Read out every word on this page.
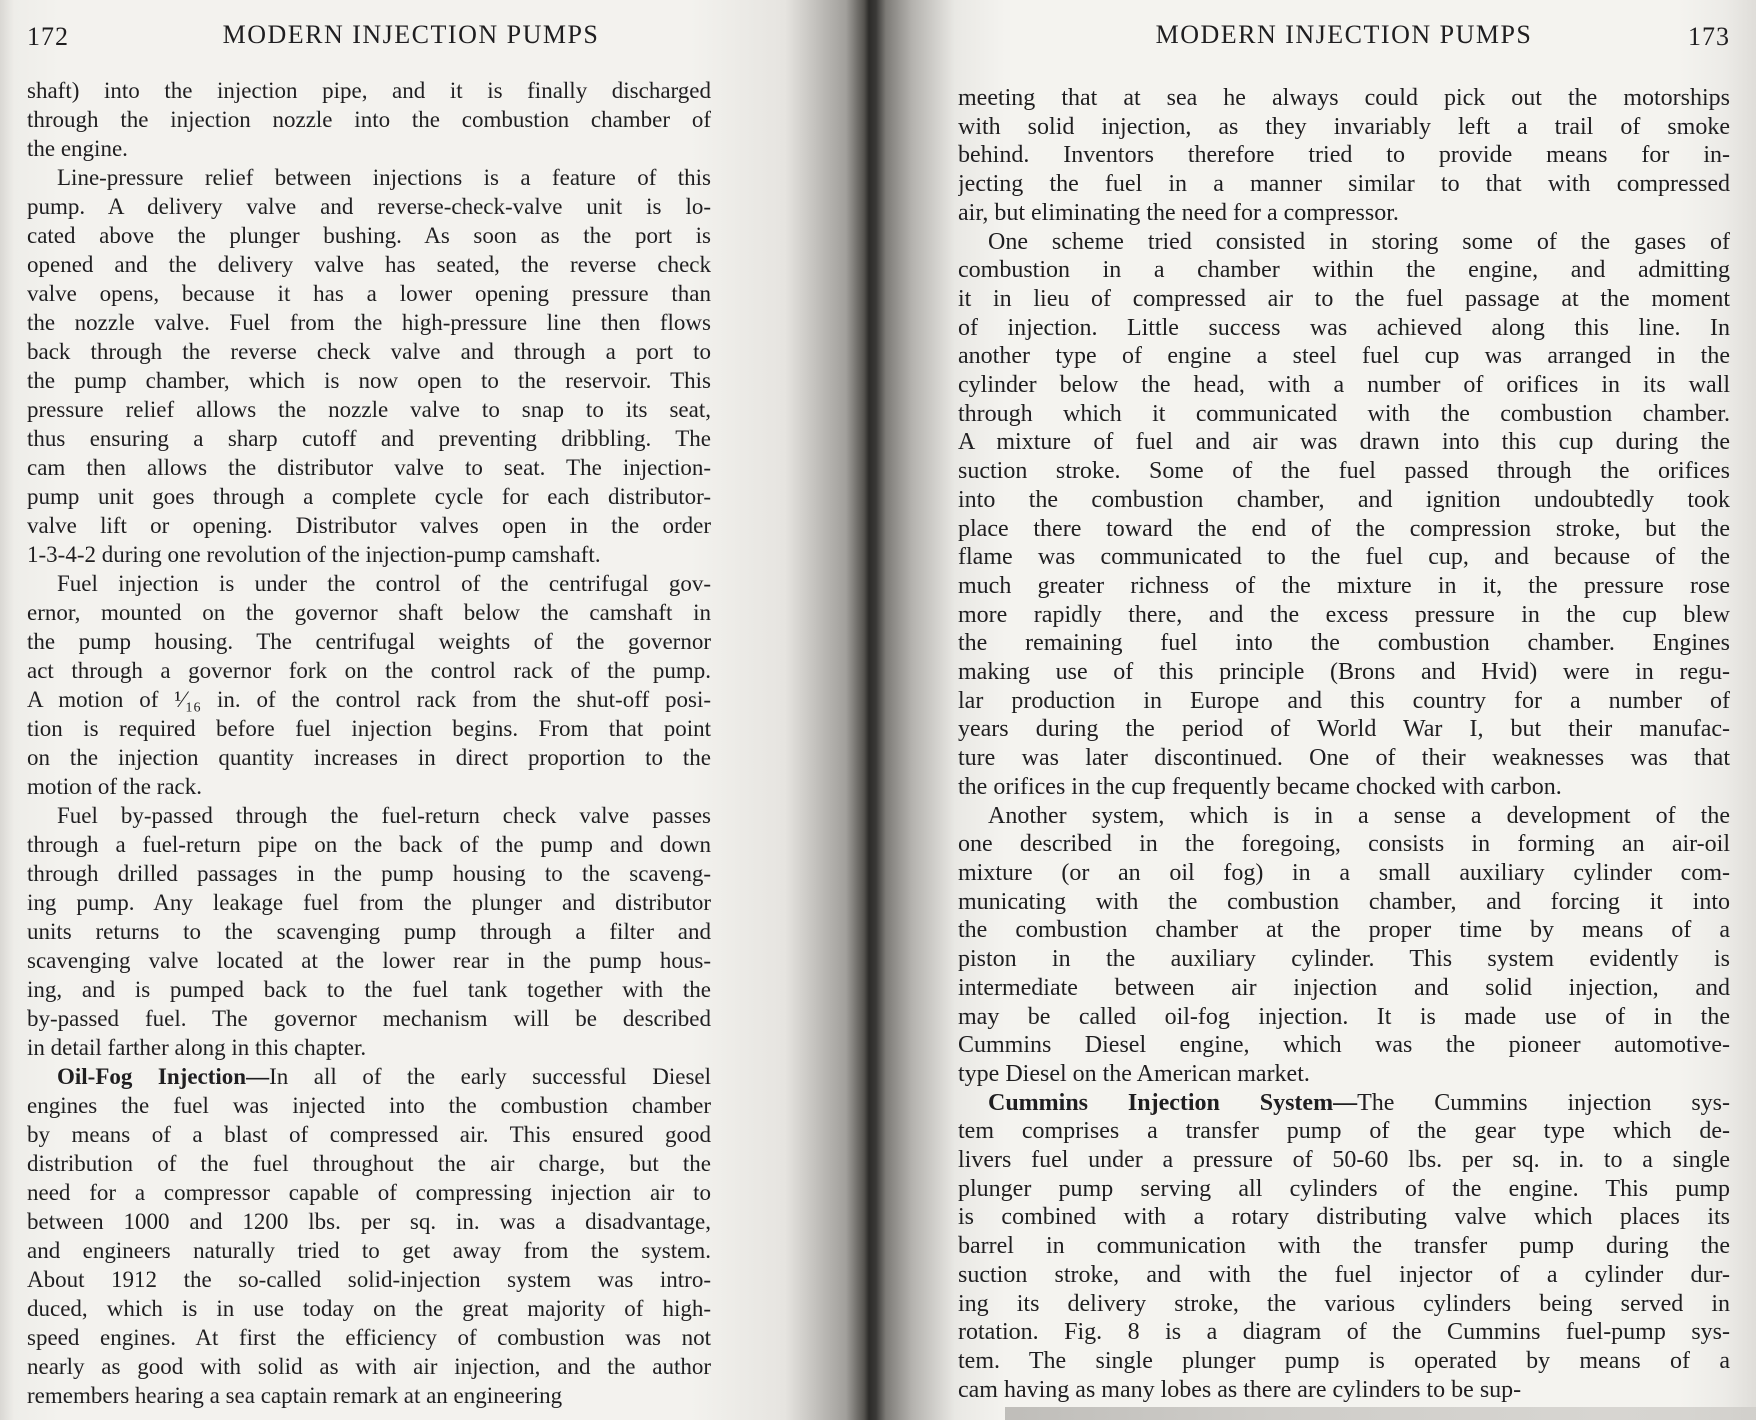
172	MODERN INJECTION PUMPS
shaft) into the injection pipe, and it is finally discharged
through the injection nozzle into the combustion chamber of
the engine.
Line-pressure relief between injections is a feature of this
pump. A delivery valve and reverse-check-valve unit is lo-
cated above the plunger bushing. As soon as the port is
opened and the delivery valve has seated, the reverse check
valve opens, because it has a lower opening pressure than
the nozzle valve. Fuel from the high-pressure line then flows
back through the reverse check valve and through a port to
the pump chamber, which is now open to the reservoir. This
pressure relief allows the nozzle valve to snap to its seat,
thus ensuring a sharp cutoff and preventing dribbling. The
cam then allows the distributor valve to seat. The injection-
pump unit goes through a complete cycle for each distributor-
valve lift or opening. Distributor valves open in the order
1-3-4-2 during one revolution of the injection-pump camshaft.
Fuel injection is under the control of the centrifugal gov-
ernor, mounted on the governor shaft below the camshaft in
the pump housing. The centrifugal weights of the governor
act through a governor fork on the control rack of the pump.
A motion of ¹⁄₁₆ in. of the control rack from the shut-off posi-
tion is required before fuel injection begins. From that point
on the injection quantity increases in direct proportion to the
motion of the rack.
Fuel by-passed through the fuel-return check valve passes
through a fuel-return pipe on the back of the pump and down
through drilled passages in the pump housing to the scaveng-
ing pump. Any leakage fuel from the plunger and distributor
units returns to the scavenging pump through a filter and
scavenging valve located at the lower rear in the pump hous-
ing, and is pumped back to the fuel tank together with the
by-passed fuel. The governor mechanism will be described
in detail farther along in this chapter.
Oil-Fog Injection—In all of the early successful Diesel
engines the fuel was injected into the combustion chamber
by means of a blast of compressed air. This ensured good
distribution of the fuel throughout the air charge, but the
need for a compressor capable of compressing injection air to
between 1000 and 1200 lbs. per sq. in. was a disadvantage,
and engineers naturally tried to get away from the system.
About 1912 the so-called solid-injection system was intro-
duced, which is in use today on the great majority of high-
speed engines. At first the efficiency of combustion was not
nearly as good with solid as with air injection, and the author
remembers hearing a sea captain remark at an engineering
MODERN INJECTION PUMPS	173
meeting that at sea he always could pick out the motorships
with solid injection, as they invariably left a trail of smoke
behind. Inventors therefore tried to provide means for in-
jecting the fuel in a manner similar to that with compressed
air, but eliminating the need for a compressor.
One scheme tried consisted in storing some of the gases of
combustion in a chamber within the engine, and admitting
it in lieu of compressed air to the fuel passage at the moment
of injection. Little success was achieved along this line. In
another type of engine a steel fuel cup was arranged in the
cylinder below the head, with a number of orifices in its wall
through which it communicated with the combustion chamber.
A mixture of fuel and air was drawn into this cup during the
suction stroke. Some of the fuel passed through the orifices
into the combustion chamber, and ignition undoubtedly took
place there toward the end of the compression stroke, but the
flame was communicated to the fuel cup, and because of the
much greater richness of the mixture in it, the pressure rose
more rapidly there, and the excess pressure in the cup blew
the remaining fuel into the combustion chamber. Engines
making use of this principle (Brons and Hvid) were in regu-
lar production in Europe and this country for a number of
years during the period of World War I, but their manufac-
ture was later discontinued. One of their weaknesses was that
the orifices in the cup frequently became chocked with carbon.
Another system, which is in a sense a development of the
one described in the foregoing, consists in forming an air-oil
mixture (or an oil fog) in a small auxiliary cylinder com-
municating with the combustion chamber, and forcing it into
the combustion chamber at the proper time by means of a
piston in the auxiliary cylinder. This system evidently is
intermediate between air injection and solid injection, and
may be called oil-fog injection. It is made use of in the
Cummins Diesel engine, which was the pioneer automotive-
type Diesel on the American market.
Cummins Injection System—The Cummins injection sys-
tem comprises a transfer pump of the gear type which de-
livers fuel under a pressure of 50-60 lbs. per sq. in. to a single
plunger pump serving all cylinders of the engine. This pump
is combined with a rotary distributing valve which places its
barrel in communication with the transfer pump during the
suction stroke, and with the fuel injector of a cylinder dur-
ing its delivery stroke, the various cylinders being served in
rotation. Fig. 8 is a diagram of the Cummins fuel-pump sys-
tem. The single plunger pump is operated by means of a
cam having as many lobes as there are cylinders to be sup-
